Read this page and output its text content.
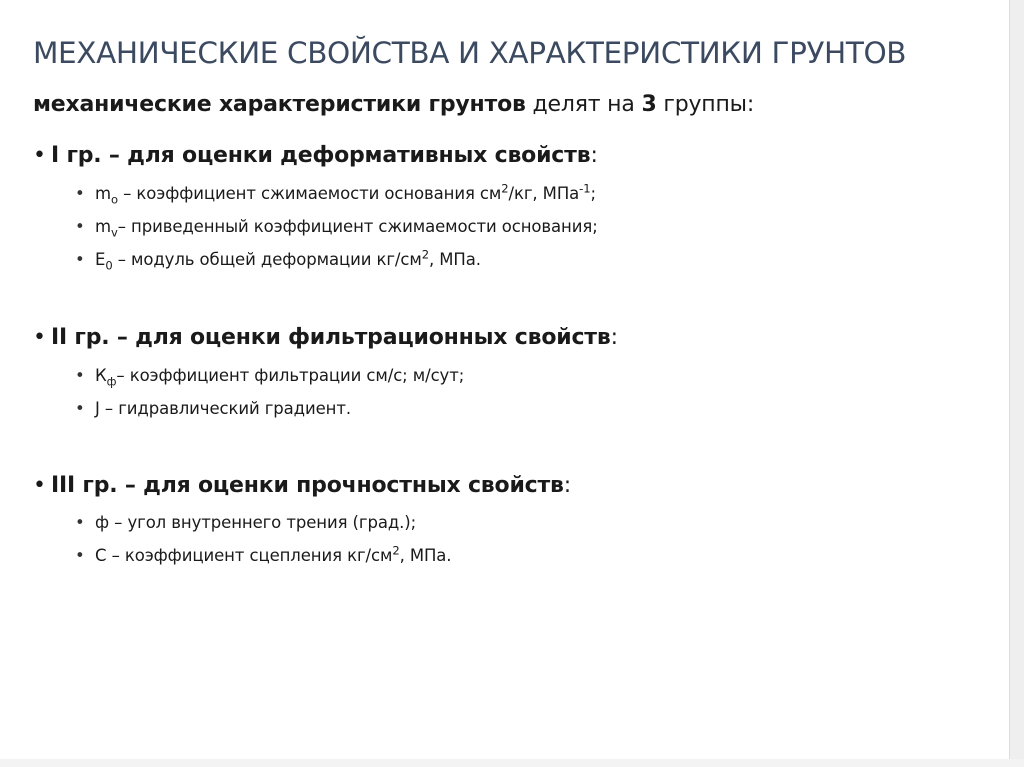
МЕХАНИЧЕСКИЕ СВОЙСТВА И ХАРАКТЕРИСТИКИ ГРУНТОВ
механические характеристики грунтов делят на 3 группы:
• I гр. – для оценки деформативных свойств:
• $m_o$ – коэффициент сжимаемости основания $см^2/кг$, МПа$^{-1}$;
• $m_v-$ приведенный коэффициент сжимаемости основания;
• $E_0$ – модуль общей деформации $кг/см^2$, МПа.
• II гр. – для оценки фильтрационных свойств:
• $К_ф-$ коэффициент фильтрации см/с; м/сут;
• J – гидравлический градиент.
• III гр. – для оценки прочностных свойств:
• ф – угол внутреннего трения (град.);
• С – коэффициент сцепления $кг/см^2$, МПа.
